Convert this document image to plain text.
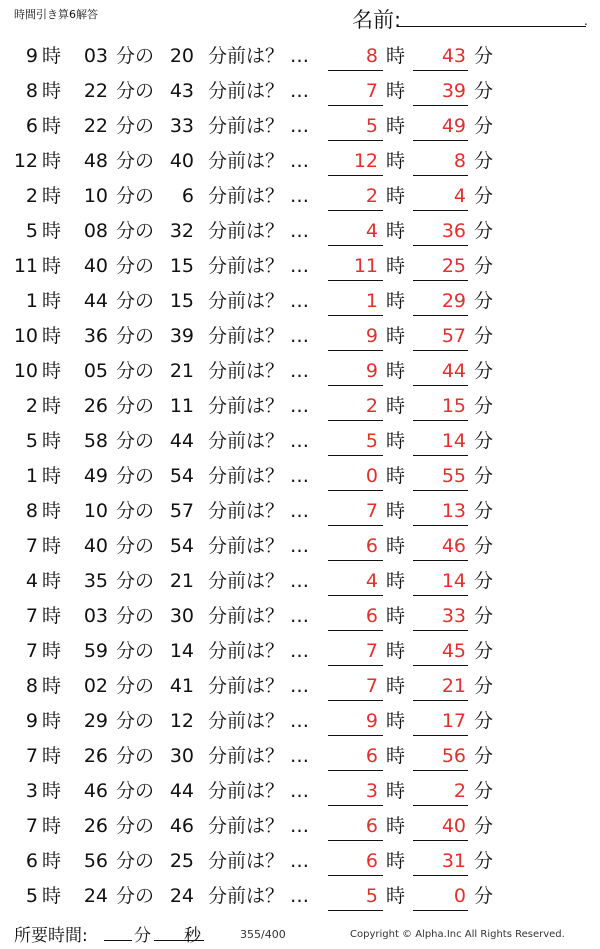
時間引き算6解答	名前:	.
9 時	03 分の 20 分前は？ …	8 時	43 分
8 時	22 分の 43 分前は？ …	7 時	39 分
6 時	22 分の 33 分前は？ …	5 時	49 分
12 時	48 分の 40 分前は？ …	12 時	8 分
2 時	10 分の	6 分前は？ …	2 時	4 分
5 時	08 分の 32 分前は？ …	4 時	36 分
11 時	40 分の 15 分前は？ …	11 時	25 分
1 時	44 分の 15 分前は？ …	1 時	29 分
10 時	36 分の 39 分前は？ …	9 時	57 分
10 時	05 分の 21 分前は？ …	9 時	44 分
2 時	26 分の 11 分前は？ …	2 時	15 分
5 時	58 分の 44 分前は？ …	5 時	14 分
1 時	49 分の 54 分前は？ …	0 時	55 分
8 時	10 分の 57 分前は？ …	7 時	13 分
7 時	40 分の 54 分前は？ …	6 時	46 分
4 時	35 分の 21 分前は？ …	4 時	14 分
7 時	03 分の 30 分前は？ …	6 時	33 分
7 時	59 分の 14 分前は？ …	7 時	45 分
8 時	02 分の 41 分前は？ …	7 時	21 分
9 時	29 分の 12 分前は？ …	9 時	17 分
7 時	26 分の 30 分前は？ …	6 時	56 分
3 時	46 分の 44 分前は？ …	3 時	2 分
7 時	26 分の 46 分前は？ …	6 時	40 分
6 時	56 分の 25 分前は？ …	6 時	31 分
5 時	24 分の 24 分前は？ …	5 時	0 分
所要時間:	分 秒	355/400	Copyright © Alpha.Inc All Rights Reserved.
